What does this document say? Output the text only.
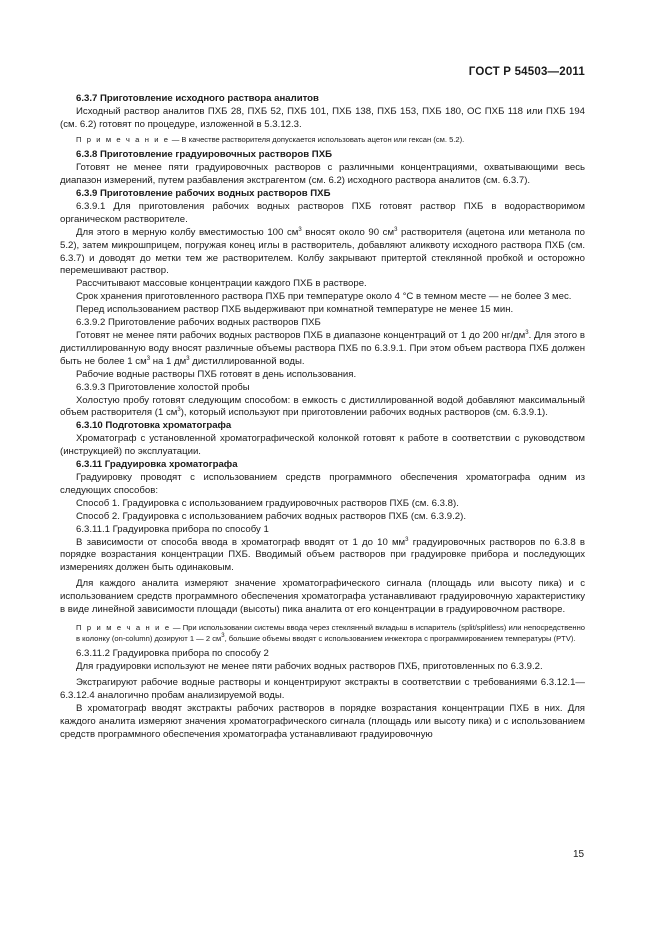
ГОСТ Р 54503—2011

6.3.7 Приготовление исходного раствора аналитов

Исходный раствор аналитов ПХБ 28, ПХБ 52, ПХБ 101, ПХБ 138, ПХБ 153, ПХБ 180, ОС ПХБ 118 или ПХБ 194 (см. 6.2) готовят по процедуре, изложенной в 5.3.12.3.

П р и м е ч а н и е — В качестве растворителя допускается использовать ацетон или гексан (см. 5.2).

6.3.8 Приготовление градуировочных растворов ПХБ

Готовят не менее пяти градуировочных растворов с различными концентрациями, охватывающими весь диапазон измерений, путем разбавления экстрагентом (см. 6.2) исходного раствора аналитов (см. 6.3.7).

6.3.9 Приготовление рабочих водных растворов ПХБ

6.3.9.1 Для приготовления рабочих водных растворов ПХБ готовят раствор ПХБ в водорастворимом органическом растворителе.

Для этого в мерную колбу вместимостью 100 $см^3$ вносят около 90 $см^3$ растворителя (ацетона или метанола по 5.2), затем микрошприцем, погружая конец иглы в растворитель, добавляют аликвоту исходного раствора ПХБ (см. 6.3.7) и доводят до метки тем же растворителем. Колбу закрывают притертой стеклянной пробкой и осторожно перемешивают раствор.

Рассчитывают массовые концентрации каждого ПХБ в растворе.

Срок хранения приготовленного раствора ПХБ при температуре около 4 °С в темном месте — не более 3 мес.

Перед использованием раствор ПХБ выдерживают при комнатной температуре не менее 15 мин.

6.3.9.2 Приготовление рабочих водных растворов ПХБ

Готовят не менее пяти рабочих водных растворов ПХБ в диапазоне концентраций от 1 до 200 $нг/дм^3$. Для этого в дистиллированную воду вносят различные объемы раствора ПХБ по 6.3.9.1. При этом объем раствора ПХБ должен быть не более 1 $см^3$ на 1 $дм^3$ дистиллированной воды.

Рабочие водные растворы ПХБ готовят в день использования.

6.3.9.3 Приготовление холостой пробы

Холостую пробу готовят следующим способом: в емкость с дистиллированной водой добавляют максимальный объем растворителя (1 $см^3$), который используют при приготовлении рабочих водных растворов (см. 6.3.9.1).

6.3.10 Подготовка хроматографа

Хроматограф с установленной хроматографической колонкой готовят к работе в соответствии с руководством (инструкцией) по эксплуатации.

6.3.11 Градуировка хроматографа

Градуировку проводят с использованием средств программного обеспечения хроматографа одним из следующих способов:

Способ 1. Градуировка с использованием градуировочных растворов ПХБ (см. 6.3.8).

Способ 2. Градуировка с использованием рабочих водных растворов ПХБ (см. 6.3.9.2).

6.3.11.1 Градуировка прибора по способу 1

В зависимости от способа ввода в хроматограф вводят от 1 до 10 $мм^3$ градуировочных растворов по 6.3.8 в порядке возрастания концентрации ПХБ. Вводимый объем растворов при градуировке прибора и последующих измерениях должен быть одинаковым.

Для каждого аналита измеряют значение хроматографического сигнала (площадь или высоту пика) и с использованием средств программного обеспечения хроматографа устанавливают градуировочную характеристику в виде линейной зависимости площади (высоты) пика аналита от его концентрации в градуировочном растворе.

П р и м е ч а н и е — При использовании системы ввода через стеклянный вкладыш в испаритель (split/splitless) или непосредственно в колонку (on-column) дозируют 1 — 2 $см^3$, большие объемы вводят с использованием инжектора с программированием температуры (PTV).

6.3.11.2 Градуировка прибора по способу 2

Для градуировки используют не менее пяти рабочих водных растворов ПХБ, приготовленных по 6.3.9.2.

Экстрагируют рабочие водные растворы и концентрируют экстракты в соответствии с требованиями 6.3.12.1—6.3.12.4 аналогично пробам анализируемой воды.

В хроматограф вводят экстракты рабочих растворов в порядке возрастания концентрации ПХБ в них. Для каждого аналита измеряют значения хроматографического сигнала (площадь или высоту пика) и с использованием средств программного обеспечения хроматографа устанавливают градуировочную

15
